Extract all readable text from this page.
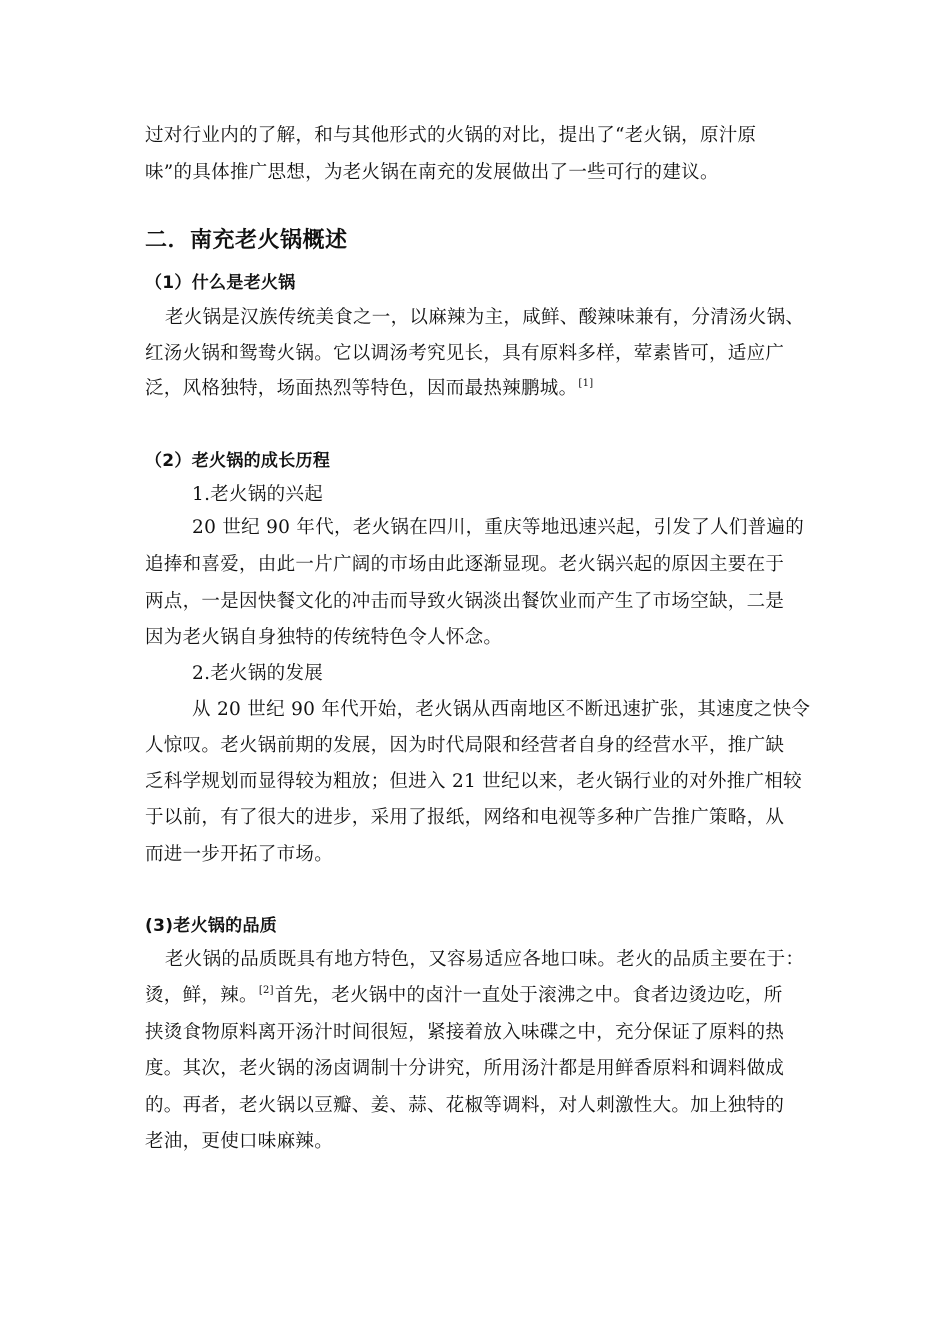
过对行业内的了解，和与其他形式的火锅的对比，提出了“老火锅，原汁原
味”的具体推广思想，为老火锅在南充的发展做出了一些可行的建议。
二．南充老火锅概述
（1）什么是老火锅
老火锅是汉族传统美食之一，以麻辣为主，咸鲜、酸辣味兼有，分清汤火锅、
红汤火锅和鸳鸯火锅。它以调汤考究见长，具有原料多样，荤素皆可，适应广
泛，风格独特，场面热烈等特色，因而最热辣鹏城。[1]
（2）老火锅的成长历程
1.老火锅的兴起
20 世纪 90 年代，老火锅在四川，重庆等地迅速兴起，引发了人们普遍的
追捧和喜爱，由此一片广阔的市场由此逐渐显现。老火锅兴起的原因主要在于
两点，一是因快餐文化的冲击而导致火锅淡出餐饮业而产生了市场空缺，二是
因为老火锅自身独特的传统特色令人怀念。
2.老火锅的发展
从 20 世纪 90 年代开始，老火锅从西南地区不断迅速扩张，其速度之快令
人惊叹。老火锅前期的发展，因为时代局限和经营者自身的经营水平，推广缺
乏科学规划而显得较为粗放；但进入 21 世纪以来，老火锅行业的对外推广相较
于以前，有了很大的进步，采用了报纸，网络和电视等多种广告推广策略，从
而进一步开拓了市场。
(3)老火锅的品质
老火锅的品质既具有地方特色，又容易适应各地口味。老火的品质主要在于：
烫，鲜，辣。[2]首先，老火锅中的卤汁一直处于滚沸之中。食者边烫边吃，所
挟烫食物原料离开汤汁时间很短，紧接着放入味碟之中，充分保证了原料的热
度。其次，老火锅的汤卤调制十分讲究，所用汤汁都是用鲜香原料和调料做成
的。再者，老火锅以豆瓣、姜、蒜、花椒等调料，对人刺激性大。加上独特的
老油，更使口味麻辣。
